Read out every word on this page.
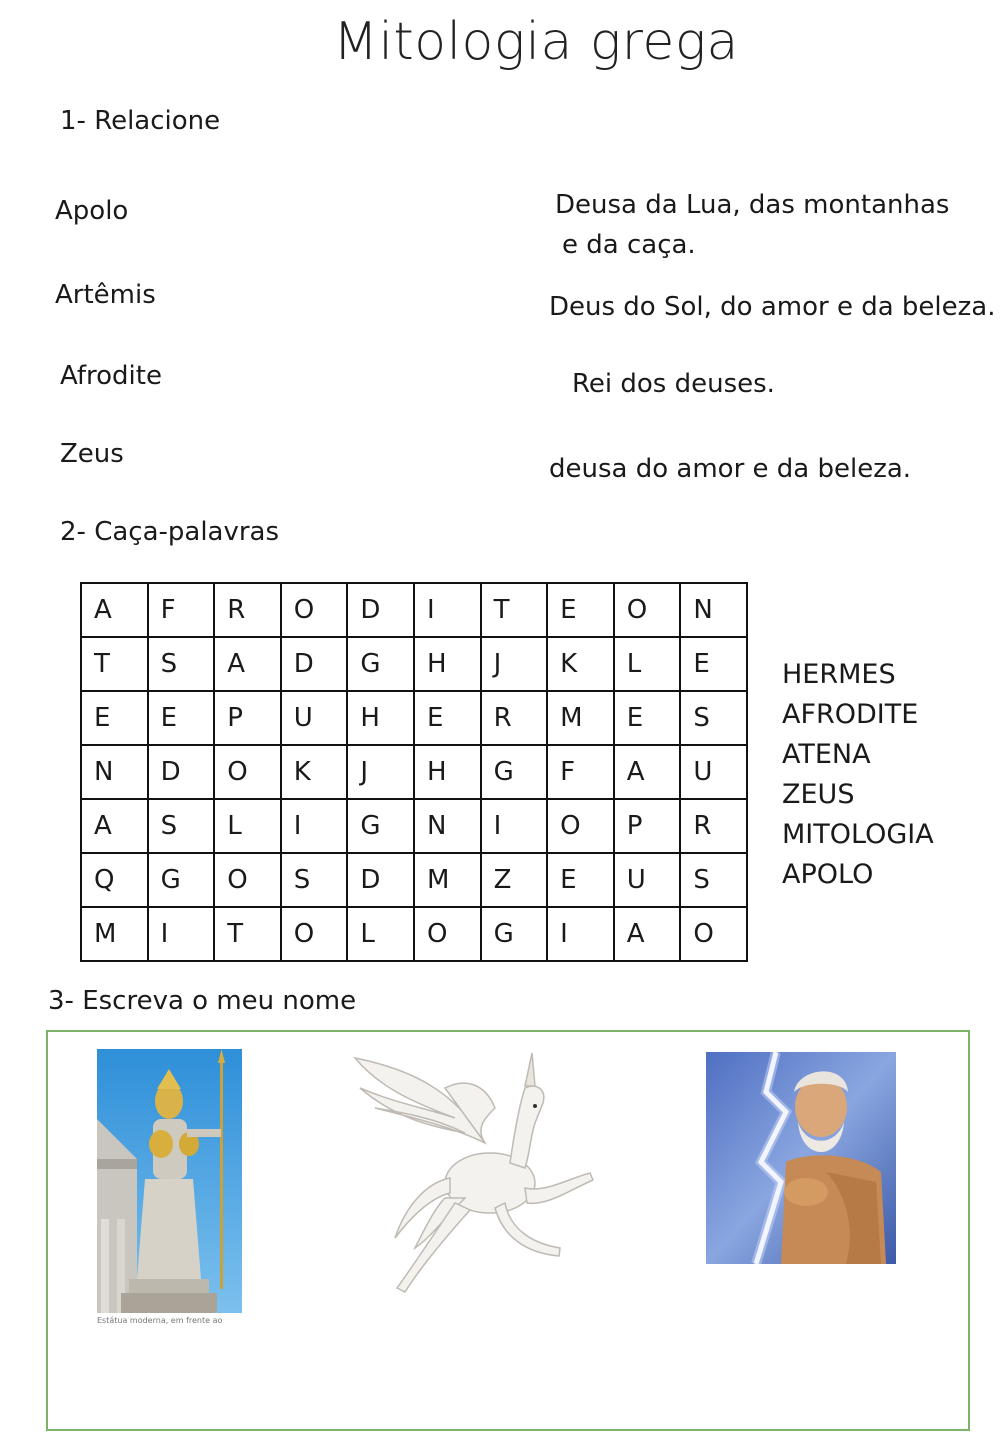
Mitologia grega
1- Relacione
Apolo
Artêmis
Afrodite
Zeus
Deusa da Lua, das montanhas
e da caça.
Deus do Sol, do amor e da beleza.
Rei dos deuses.
deusa do amor e da beleza.
2- Caça-palavras
A	F	R	O	D	I	T	E	O	N
T	S	A	D	G	H	J	K	L	E
E	E	P	U	H	E	R	M	E	S
N	D	O	K	J	H	G	F	A	U
A	S	L	I	G	N	I	O	P	R
Q	G	O	S	D	M	Z	E	U	S
M	I	T	O	L	O	G	I	A	O
HERMES
AFRODITE
ATENA
ZEUS
MITOLOGIA
APOLO
3- Escreva o meu nome
Estátua moderna, em frente ao
